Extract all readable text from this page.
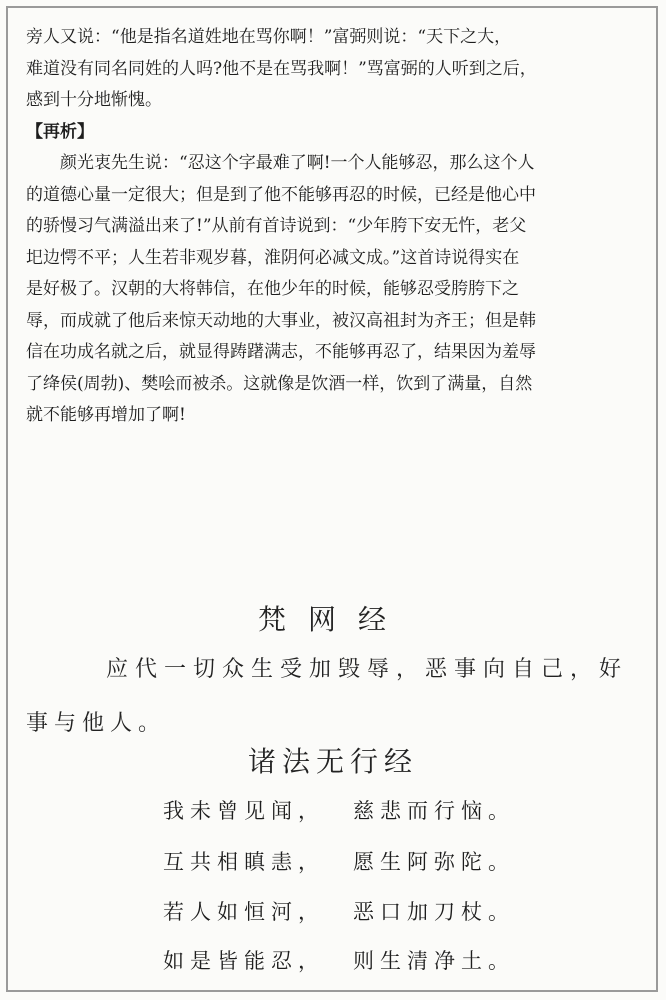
旁人又说：“他是指名道姓地在骂你啊！”富弼则说：“天下之大，
难道没有同名同姓的人吗?他不是在骂我啊！”骂富弼的人听到之后，
感到十分地惭愧。
【再析】
颜光衷先生说：“忍这个字最难了啊!一个人能够忍，那么这个人
的道德心量一定很大；但是到了他不能够再忍的时候，已经是他心中
的骄慢习气满溢出来了!”从前有首诗说到：“少年胯下安无忤，老父
圯边愕不平；人生若非观岁暮，淮阴何必减文成。”这首诗说得实在
是好极了。汉朝的大将韩信，在他少年的时候，能够忍受胯胯下之
辱，而成就了他后来惊天动地的大事业，被汉高祖封为齐王；但是韩
信在功成名就之后，就显得踌躇满志，不能够再忍了，结果因为羞辱
了绛侯(周勃)、樊哙而被杀。这就像是饮酒一样，饮到了满量，自然
就不能够再增加了啊!
梵网经
应代一切众生受加毁辱，恶事向自己，好
事与他人。
诸法无行经
我未曾见闻， 慈悲而行恼。
互共相瞋恚， 愿生阿弥陀。
若人如恒河， 恶口加刀杖。
如是皆能忍， 则生清净土。
